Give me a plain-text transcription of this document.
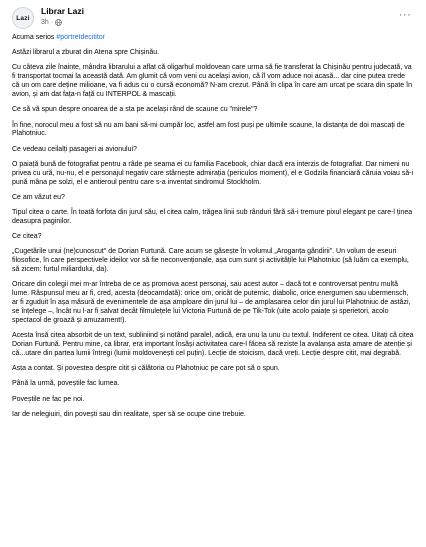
Lazi
Librar Lazi
3h ·
···

Acuma serios #portretdecititor

Astăzi librarul a zburat din Atena spre Chișinău.

Cu câteva zile înainte, mândra librarului a aflat că oligarhul moldovean care urma să fie transferat la Chișinău pentru judecată, va fi transportat tocmai la această dată. Am glumit că vom veni cu același avion, că îl vom aduce noi acasă... dar cine putea crede că un om care deține milioane, va fi adus cu o cursă economă? N-am crezut. Până în clipa în care am urcat pe scara din spate în avion, și am dat fața-n față cu INTERPOL & mascații.

Ce să vă spun despre onoarea de a sta pe același rând de scaune cu "mirele"?

În fine, norocul meu a fost să nu am bani să-mi cumpăr loc, astfel am fost puși pe ultimile scaune, la distanța de doi mascați de Plahotniuc.

Ce vedeau ceilalți pasageri ai avionului?

O paiață bună de fotografiat pentru a râde pe seama ei cu familia Facebook, chiar dacă era interzis de fotografiat. Dar nimeni nu privea cu ură, nu-nu, el e personajul negativ care stârnește admirația (periculos moment), el e Godzila financiară căruia voiau să-i pună mâna pe solzi, el e antieroul pentru care s-a inventat sindromul Stockholm.

Ce am văzut eu?

Tipul citea o carte. În toată forfota din jurul său, el citea calm, trăgea linii sub rânduri fără să-i tremure pixul elegant pe care-l ținea deasupra paginilor.

Ce citea?

„Cugetările unui (ne)cunoscut" de Dorian Furtună. Care acum se găsește în volumul „Aroganța gândirii". Un volum de eseuri filosofice, în care perspectivele ideilor vor să fie neconvenționale, așa cum sunt și activitățile lui Plahotniuc (să luăm ca exemplu, să zicem: furtul miliardului, da).

Oricare din colegii mei m-ar întreba de ce aș promova acest personaj, sau acest autor – dacă tot e controversat pentru multă lume. Răspunsul meu ar fi, cred, acesta (deocamdată): orice om, oricât de puternic, diabolic, orice energumen sau ubermensch, ar fi zguduit în așa măsură de evenimentele de așa amploare din jurul lui – de amplasarea celor din jurul lui Plahotniuc de astăzi, se înțelege –, încât nu l-ar fi salvat decât filmulețele lui Victoria Furtună de pe Tik-Tok (uite acolo paiațe și sperietori, acolo spectacol de groază și amuzament!).

Acesta însă citea absorbit de un text, subliniind și notând paralel, adică, era unu la unu cu textul. Indiferent ce citea. Uitați că citea Dorian Furtună. Pentru mine, ca librar, era important însăși activitatea care-l făcea să reziste la avalanșa asta amare de atenție și că...utare din partea lumii întregi (lumii moldovenești cel puțin). Lecție de stoicism, dacă vreți. Lecție despre citit, mai degrabă.

Asta a contat. Și povestea despre citit și călătoria cu Plahotniuc pe care pot să o spun.

Până la urmă, poveștile fac lumea.

Poveștile ne fac pe noi.

Iar de nelegiuiri, din povești sau din realitate, sper să se ocupe cine trebuie.
